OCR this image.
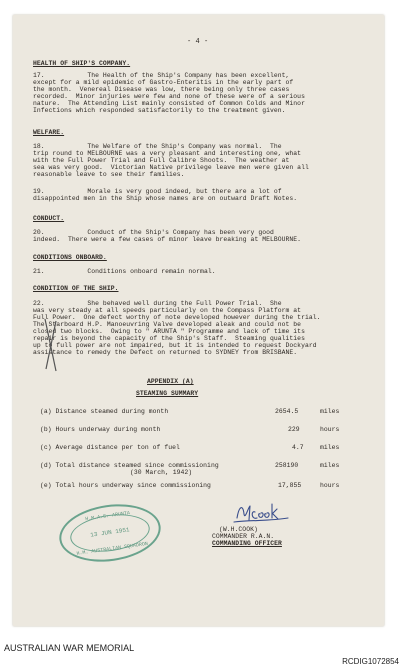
- 4 -
HEALTH OF SHIP'S COMPANY.
17.           The Health of the Ship's Company has been excellent,
except for a mild epidemic of Gastro-Enteritis in the early part of
the month.  Venereal Disease was low, there being only three cases
recorded.  Minor injuries were few and none of these were of a serious
nature.  The Attending List mainly consisted of Common Colds and Minor
Infections which responded satisfactorily to the treatment given.
WELFARE.
18.           The Welfare of the Ship's Company was normal.  The
trip round to MELBOURNE was a very pleasant and interesting one, what
with the Full Power Trial and Full Calibre Shoots.  The weather at
sea was very good.  Victorian Native privilege leave men were given all
reasonable leave to see their families.
19.           Morale is very good indeed, but there are a lot of
disappointed men in the Ship whose names are on outward Draft Notes.
CONDUCT.
20.           Conduct of the Ship's Company has been very good
indeed.  There were a few cases of minor leave breaking at MELBOURNE.
CONDITIONS ONBOARD.
21.           Conditions onboard remain normal.
CONDITION OF THE SHIP.
22.           She behaved well during the Full Power Trial.  She
was very steady at all speeds particularly on the Compass Platform at
Full Power.  One defect worthy of note developed however during the trial.
The Starboard H.P. Manoeuvring Valve developed aleak and could not be
closed two blocks.  Owing to " ARUNTA " Programme and lack of time its
repair is beyond the capacity of the Ship's Staff.  Steaming qualities
up to full power are not impaired, but it is intended to request Dockyard
assistance to remedy the Defect on returned to SYDNEY from BRISBANE.
APPENDIX (A)
STEAMING SUMMARY
(a) Distance steamed during month	2654.5	miles
(b) Hours underway during month	229	hours
(c) Average distance per ton of fuel	4.7	miles
(d) Total distance steamed since commissioning
(30 March, 1942)
258190	miles
(e) Total hours underway since commissioning	17,855	hours
(W.H.COOK)
COMMANDER R.A.N.
COMMANDING OFFICER
H.M.A.S. ARUNTA
13 JUN 1951
H.M. AUSTRALIAN SQUADRON
AUSTRALIAN WAR MEMORIAL
RCDIG1072854
